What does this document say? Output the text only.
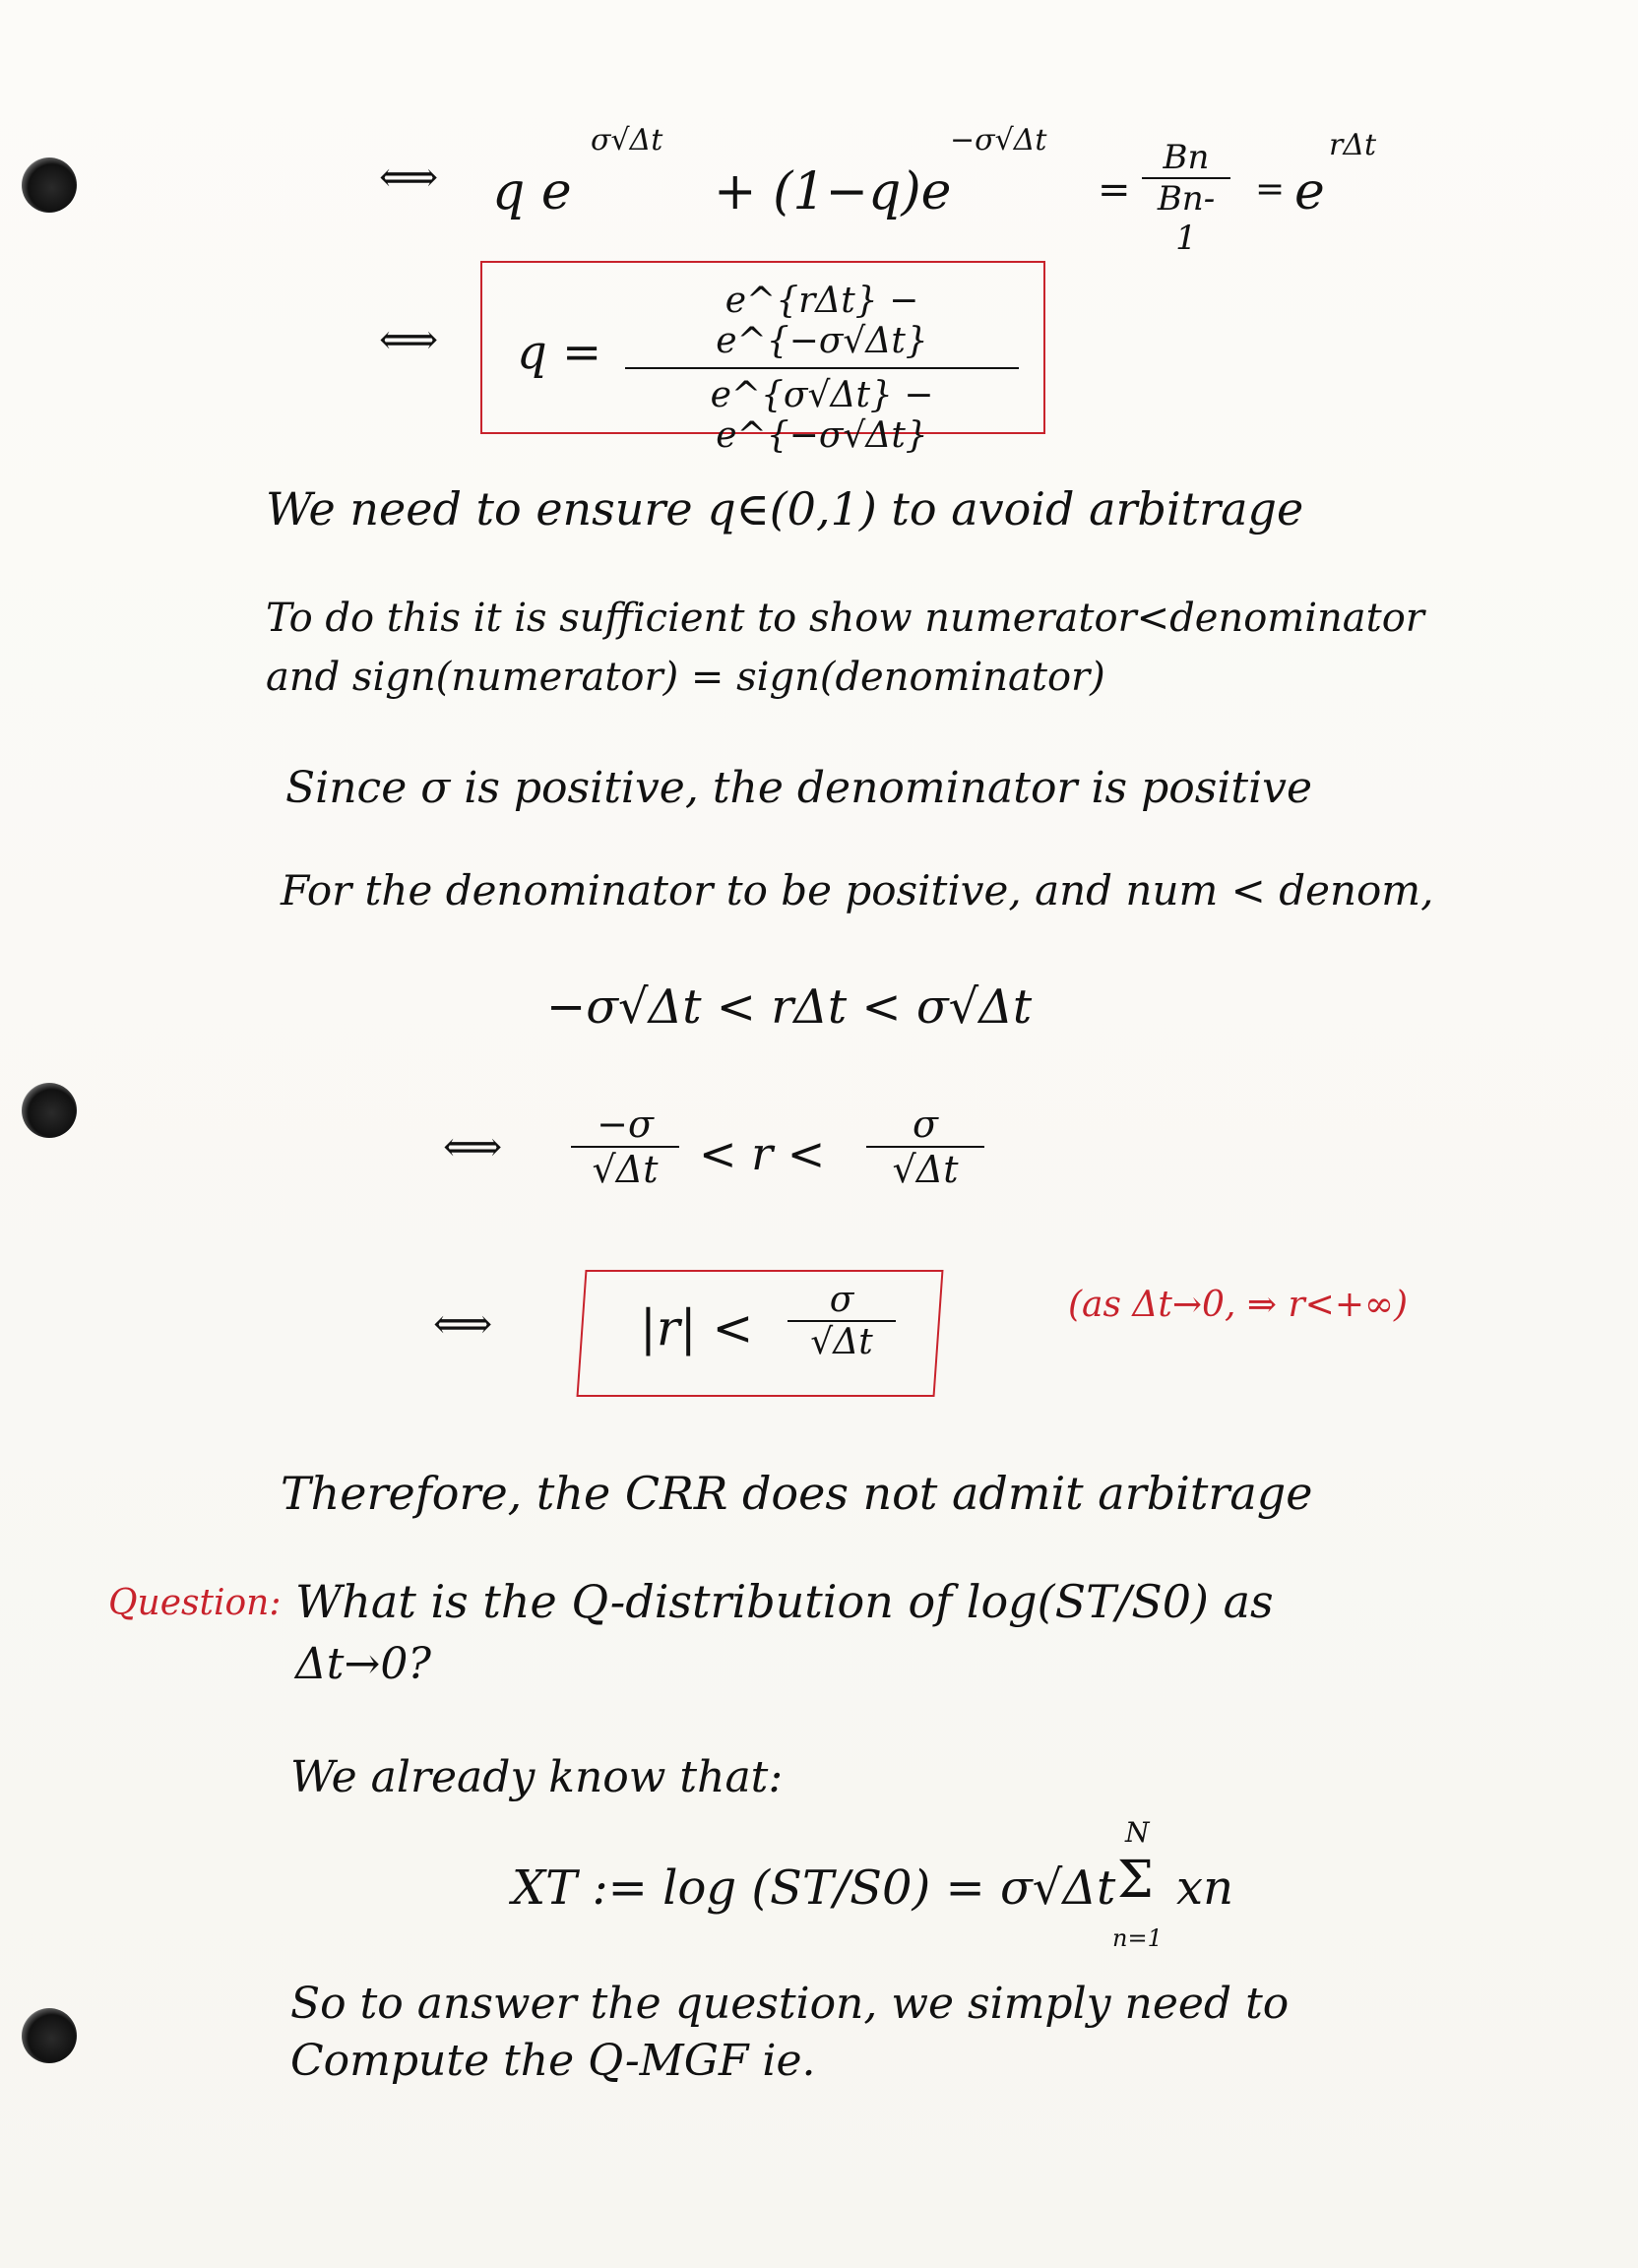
⟺ q e
σ√Δt
+ (1−q)e
−σ√Δt
= $\frac{Bn}{Bn-1} = e$
rΔt
⟺ q =
e^{rΔt} − e^{−σ√Δt}
e^{σ√Δt} − e^{−σ√Δt}
We need to ensure q∈(0,1) to avoid arbitrage
To do this it is sufficient to show numerator<denominator
and sign(numerator) = sign(denominator)
Since σ is positive, the denominator is positive
For the denominator to be positive, and num < denom,
−σ√Δt < rΔt < σ√Δt
⟺ $\frac{-\sigma}{√\Delta t} < r < \frac{\sigma}{√\Delta t}$
⟺	$|r| < \frac{\sigma}{√\Delta t}$	(as Δt→0, ⇒ r<+∞)
Therefore, the CRR does not admit arbitrage
Question: What is the Q-distribution of log(ST/S0) as
Δt→0?
We already know that:
XT := log (ST/S0) = σ√Δt
N
Σ
n=1
xn
So to answer the question, we simply need to
Compute the Q-MGF ie.
